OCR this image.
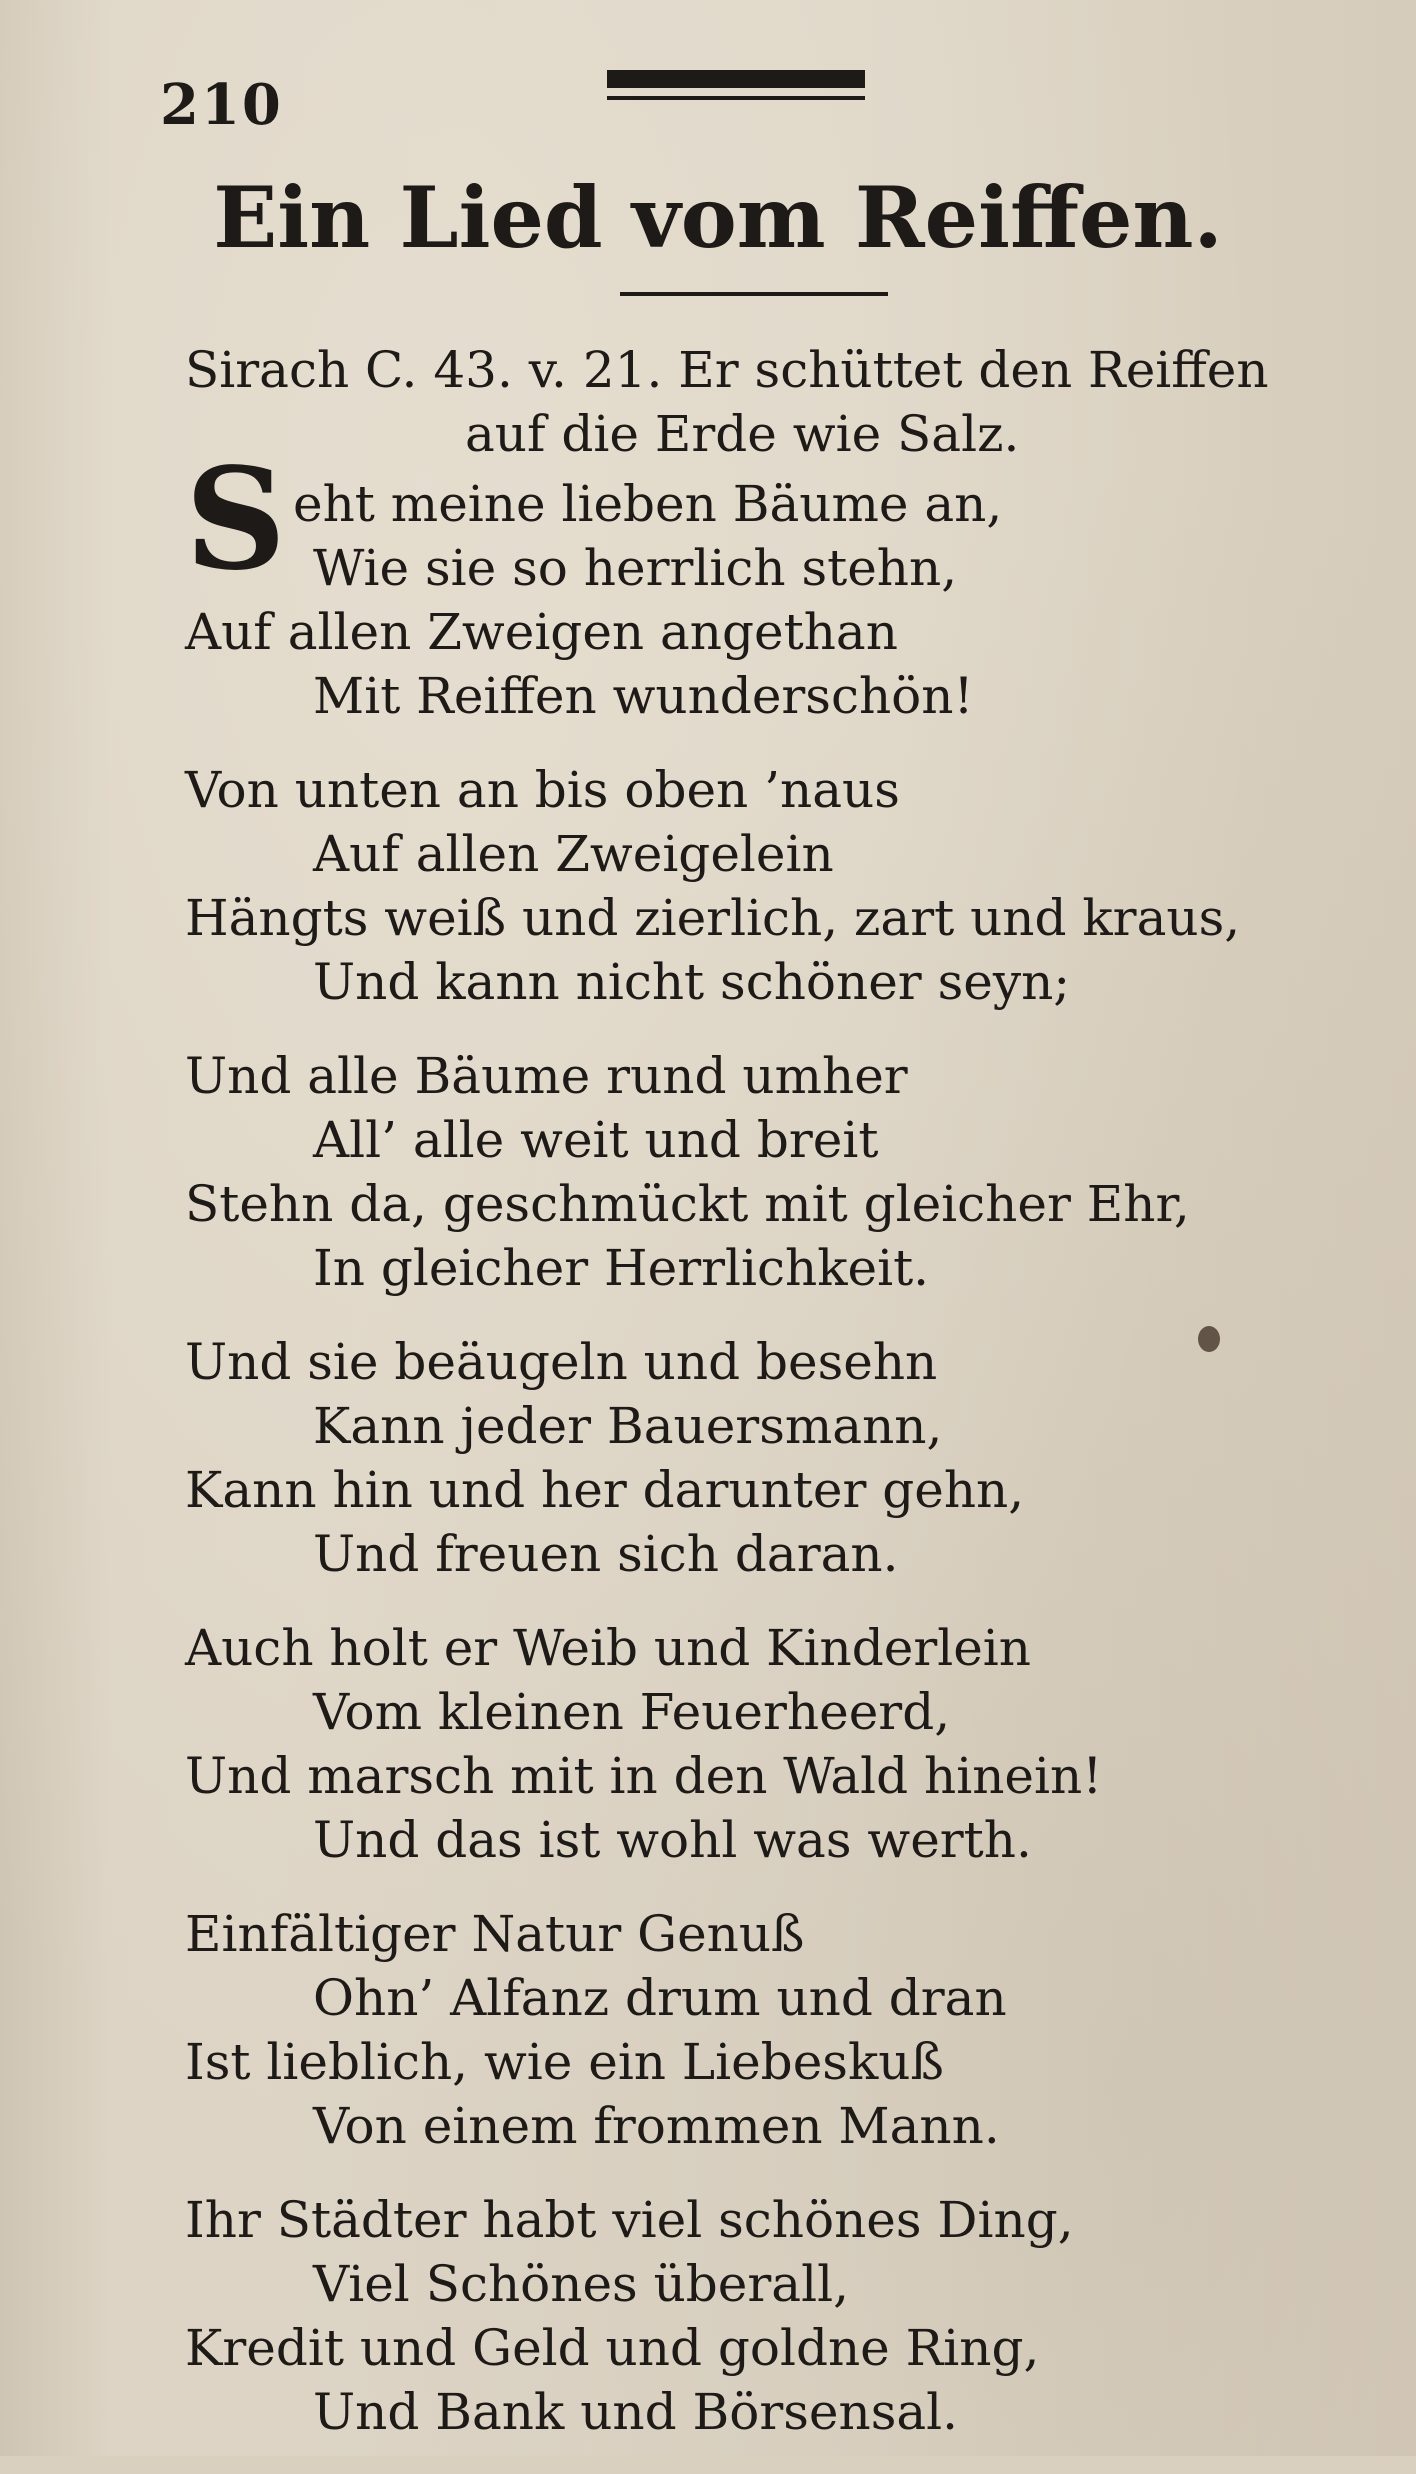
210
Ein Lied vom Reiffen.
Sirach C. 43. v. 21. Er schüttet den Reiffen
auf die Erde wie Salz.
S eht meine lieben Bäume an,
Wie sie so herrlich stehn,
Auf allen Zweigen angethan
Mit Reiffen wunderschön!
Von unten an bis oben ’naus
Auf allen Zweigelein
Hängts weiß und zierlich, zart und kraus,
Und kann nicht schöner seyn;
Und alle Bäume rund umher
All’ alle weit und breit
Stehn da, geschmückt mit gleicher Ehr,
In gleicher Herrlichkeit.
Und sie beäugeln und besehn
Kann jeder Bauersmann,
Kann hin und her darunter gehn,
Und freuen sich daran.
Auch holt er Weib und Kinderlein
Vom kleinen Feuerheerd,
Und marsch mit in den Wald hinein!
Und das ist wohl was werth.
Einfältiger Natur Genuß
Ohn’ Alfanz drum und dran
Ist lieblich, wie ein Liebeskuß
Von einem frommen Mann.
Ihr Städter habt viel schönes Ding,
Viel Schönes überall,
Kredit und Geld und goldne Ring,
Und Bank und Börsensal.
